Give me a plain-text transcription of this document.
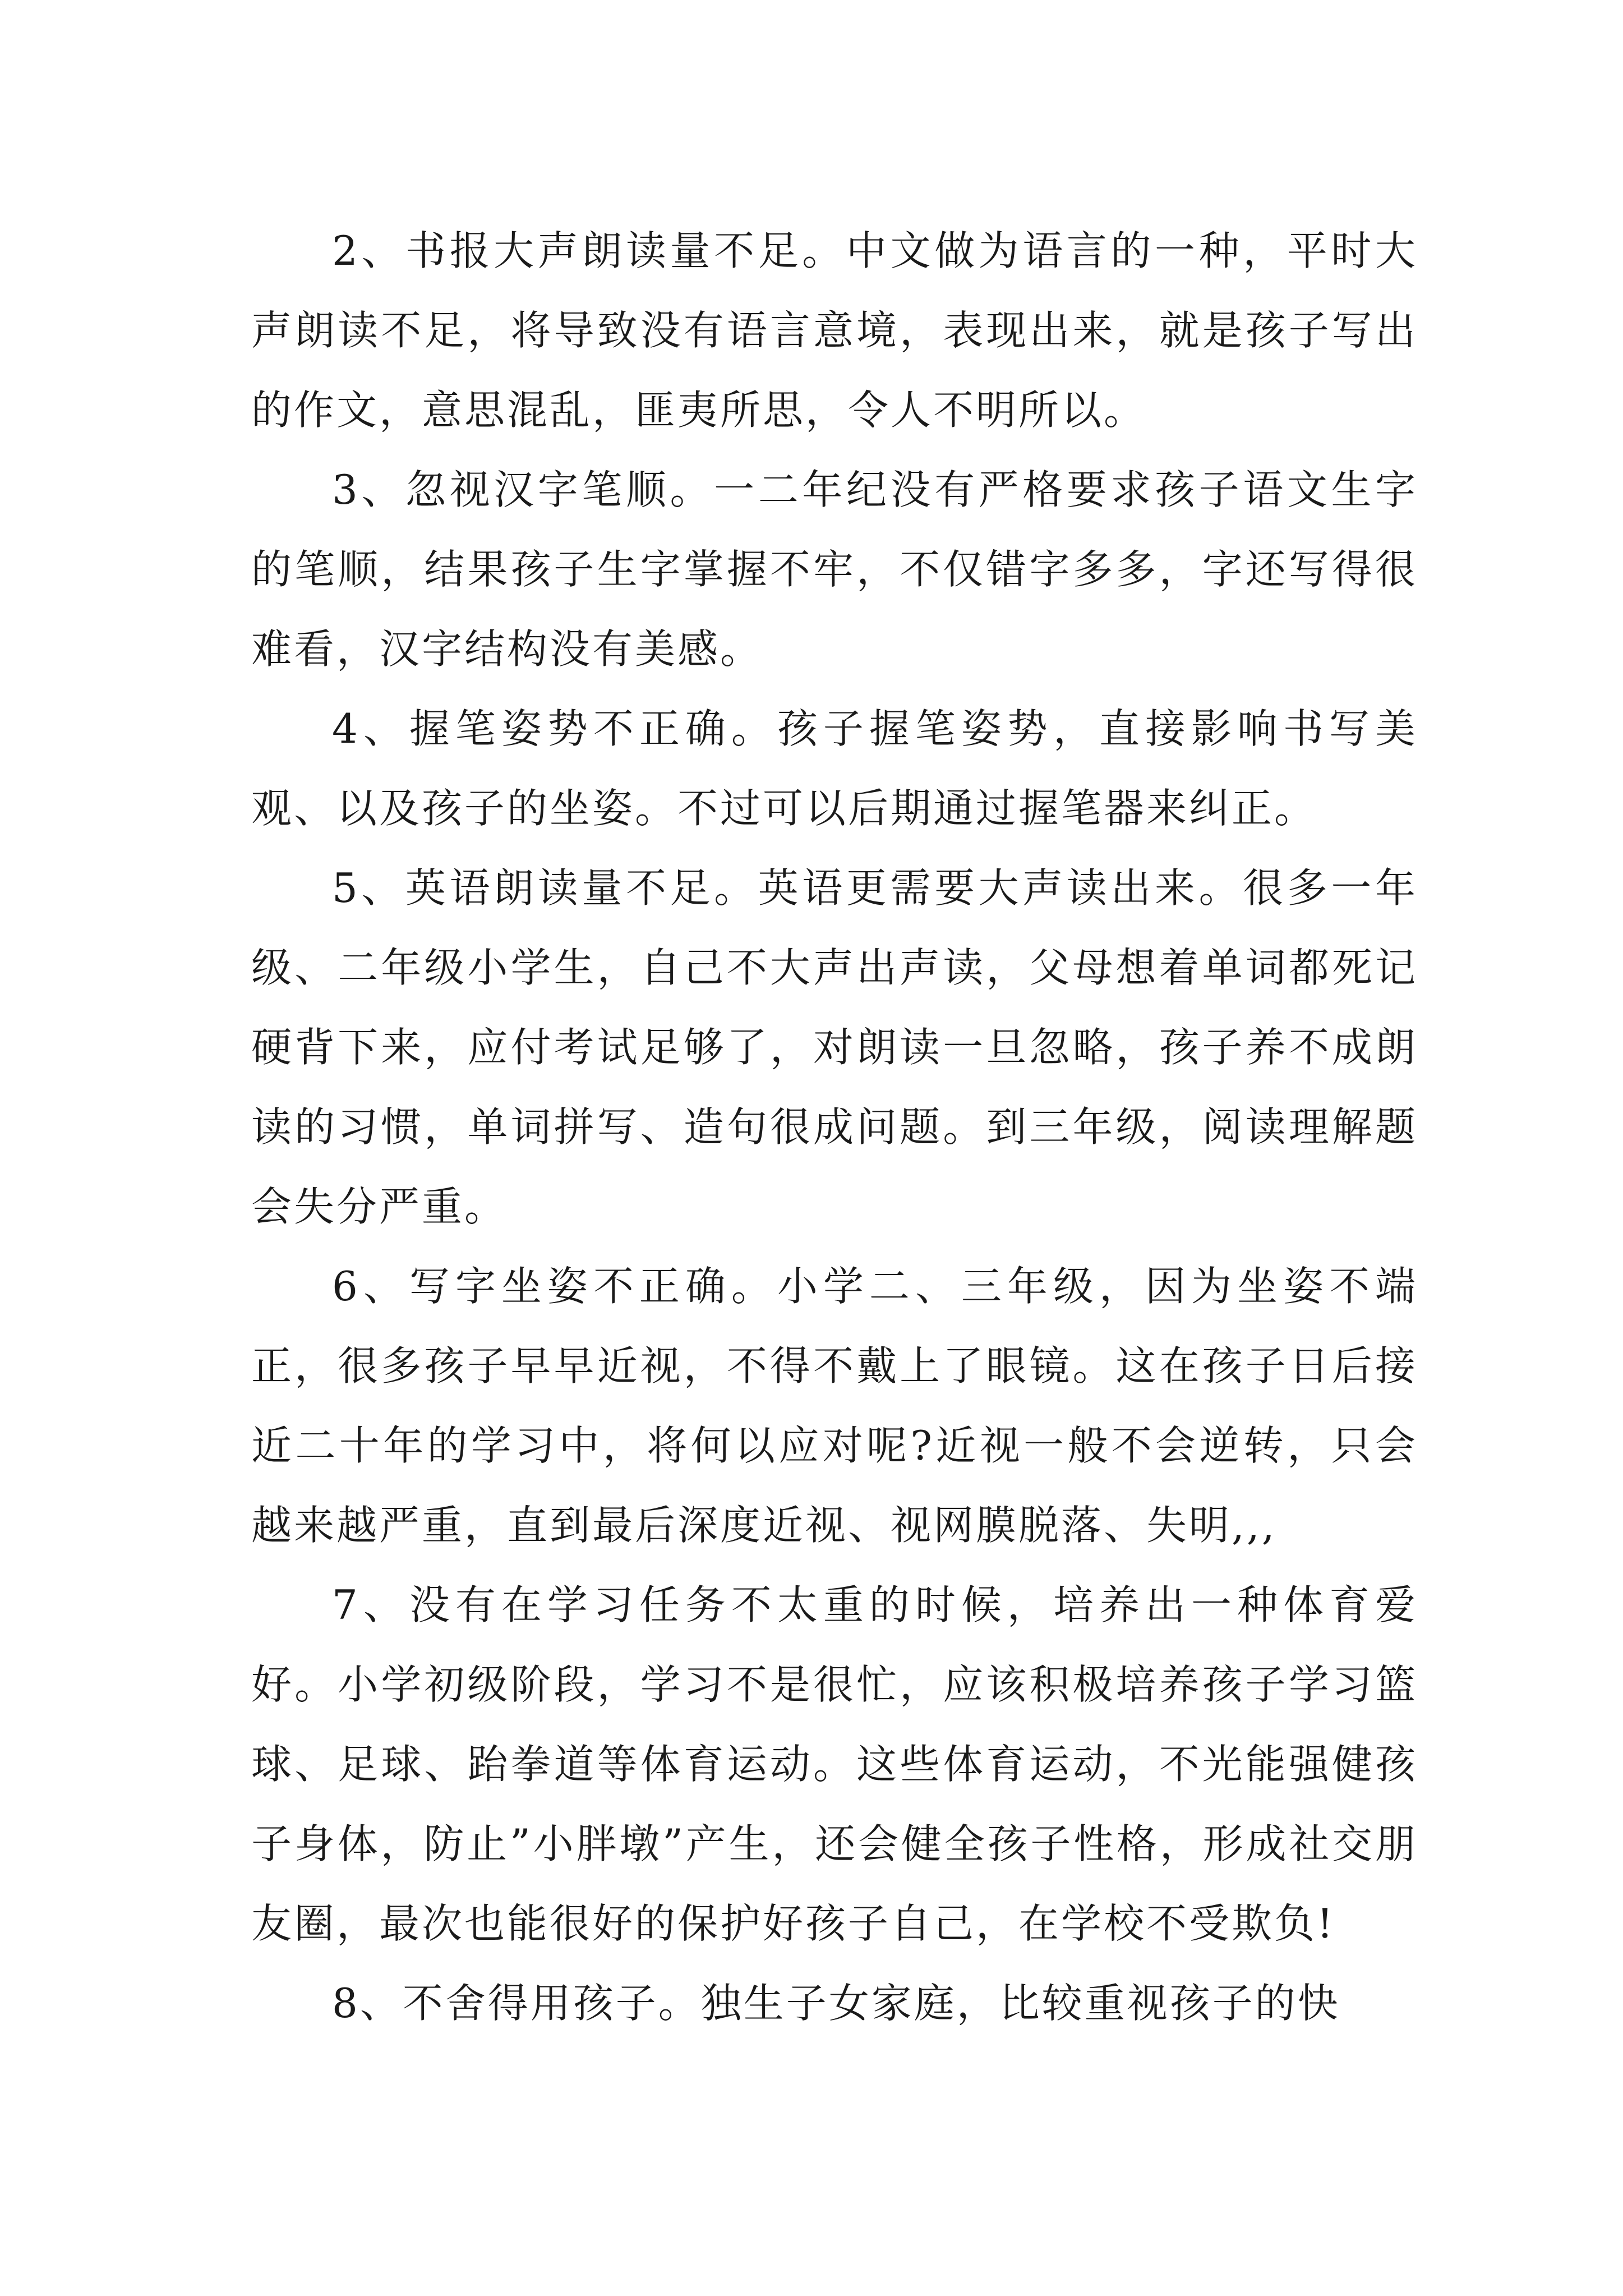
2、书报大声朗读量不足。中文做为语言的一种，平时大声朗读不足，将导致没有语言意境，表现出来，就是孩子写出的作文，意思混乱，匪夷所思，令人不明所以。

3、忽视汉字笔顺。一二年纪没有严格要求孩子语文生字的笔顺，结果孩子生字掌握不牢，不仅错字多多，字还写得很难看，汉字结构没有美感。

4、握笔姿势不正确。孩子握笔姿势，直接影响书写美观、以及孩子的坐姿。不过可以后期通过握笔器来纠正。

5、英语朗读量不足。英语更需要大声读出来。很多一年级、二年级小学生，自己不大声出声读，父母想着单词都死记硬背下来，应付考试足够了，对朗读一旦忽略，孩子养不成朗读的习惯，单词拼写、造句很成问题。到三年级，阅读理解题会失分严重。

6、写字坐姿不正确。小学二、三年级，因为坐姿不端正，很多孩子早早近视，不得不戴上了眼镜。这在孩子日后接近二十年的学习中，将何以应对呢?近视一般不会逆转，只会越来越严重，直到最后深度近视、视网膜脱落、失明,,,

7、没有在学习任务不太重的时候，培养出一种体育爱好。小学初级阶段，学习不是很忙，应该积极培养孩子学习篮球、足球、跆拳道等体育运动。这些体育运动，不光能强健孩子身体，防止”小胖墩”产生，还会健全孩子性格，形成社交朋友圈，最次也能很好的保护好孩子自己，在学校不受欺负!

8、不舍得用孩子。独生子女家庭，比较重视孩子的快
